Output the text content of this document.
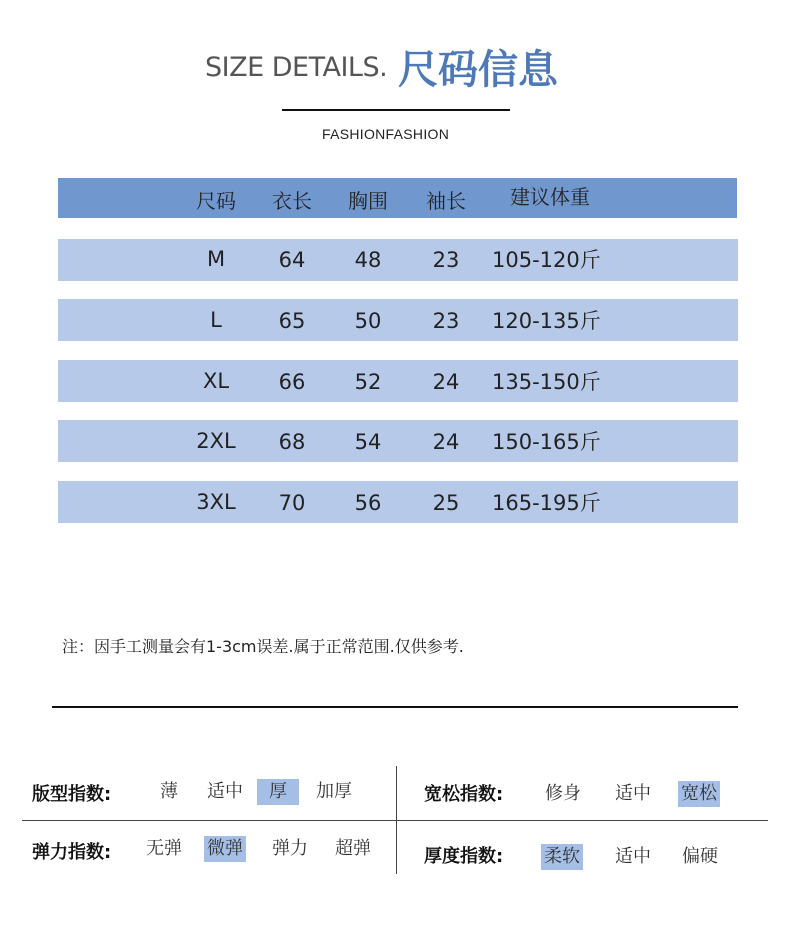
SIZE DETAILS. 尺码信息
FASHIONFASHION
尺码	衣长	胸围	袖长	建议体重
M	64	48	23	105-120斤
L	65	50	23	120-135斤
XL	66	52	24	135-150斤
2XL	68	54	24	150-165斤
3XL	70	56	25	165-195斤
注：因手工测量会有1-3cm误差.属于正常范围.仅供参考.
版型指数:	薄 适中	厚	加厚	宽松指数: 修身 适中 宽松
弹力指数: 无弹 微弹 弹力 超弹	厚度指数: 柔软 适中 偏硬
